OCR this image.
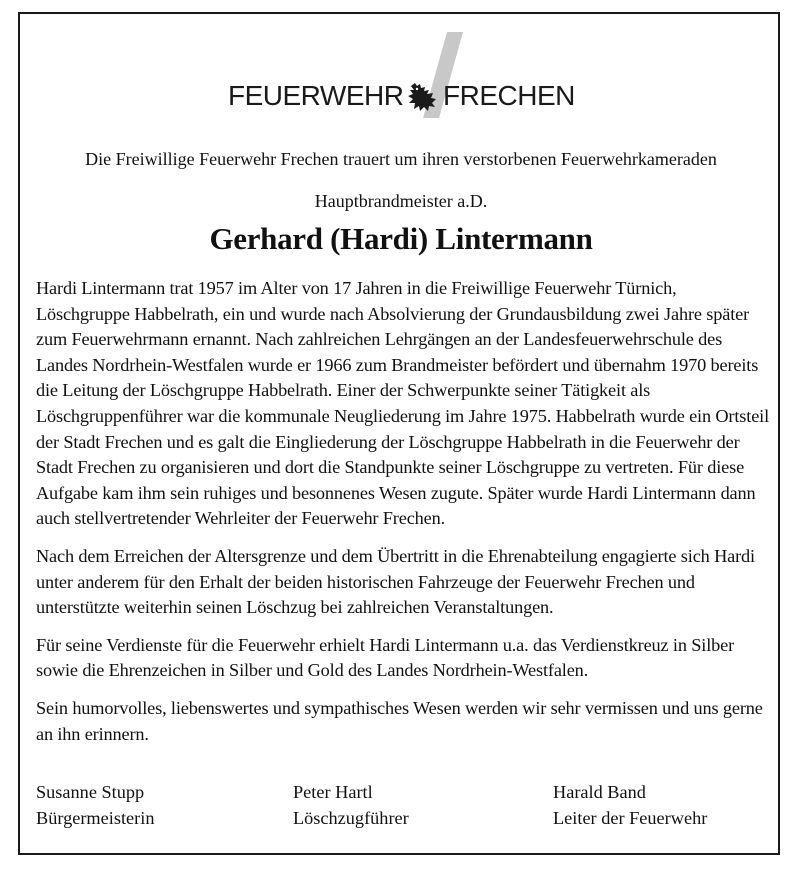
FEUERWEHR FRECHEN

Die Freiwillige Feuerwehr Frechen trauert um ihren verstorbenen Feuerwehrkameraden

Hauptbrandmeister a.D.

Gerhard (Hardi) Lintermann

Hardi Lintermann trat 1957 im Alter von 17 Jahren in die Freiwillige Feuerwehr Türnich, Löschgruppe Habbelrath, ein und wurde nach Absolvierung der Grundausbildung zwei Jahre später zum Feuerwehrmann ernannt. Nach zahlreichen Lehrgängen an der Landesfeuerwehrschule des Landes Nordrhein-Westfalen wurde er 1966 zum Brandmeister befördert und übernahm 1970 bereits die Leitung der Löschgruppe Habbelrath. Einer der Schwerpunkte seiner Tätigkeit als Löschgruppenführer war die kommunale Neugliederung im Jahre 1975. Habbelrath wurde ein Ortsteil der Stadt Frechen und es galt die Eingliederung der Löschgruppe Habbelrath in die Feuerwehr der Stadt Frechen zu organisieren und dort die Standpunkte seiner Löschgruppe zu vertreten. Für diese Aufgabe kam ihm sein ruhiges und besonnenes Wesen zugute. Später wurde Hardi Lintermann dann auch stellvertretender Wehrleiter der Feuerwehr Frechen.

Nach dem Erreichen der Altersgrenze und dem Übertritt in die Ehrenabteilung engagierte sich Hardi unter anderem für den Erhalt der beiden historischen Fahrzeuge der Feuerwehr Frechen und unterstützte weiterhin seinen Löschzug bei zahlreichen Veranstaltungen.

Für seine Verdienste für die Feuerwehr erhielt Hardi Lintermann u.a. das Verdienstkreuz in Silber sowie die Ehrenzeichen in Silber und Gold des Landes Nordrhein-Westfalen.

Sein humorvolles, liebenswertes und sympathisches Wesen werden wir sehr vermissen und uns gerne an ihn erinnern.

Susanne Stupp
Bürgermeisterin
Peter Hartl
Löschzugführer
Harald Band
Leiter der Feuerwehr
